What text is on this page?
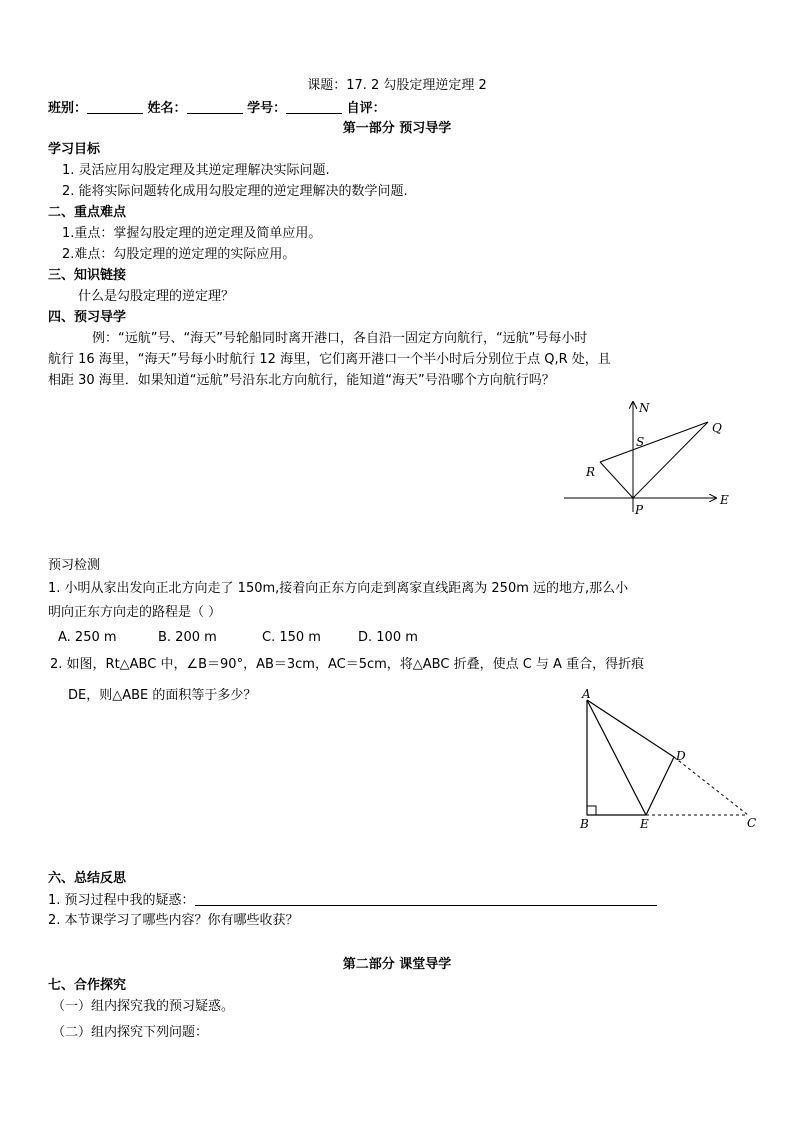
课题：17. 2 勾股定理逆定理 2
班别：	姓名：	学号：	自评：
第一部分 预习导学
学习目标
1. 灵活应用勾股定理及其逆定理解决实际问题.
2. 能将实际问题转化成用勾股定理的逆定理解决的数学问题.
二、重点难点
1.重点：掌握勾股定理的逆定理及简单应用。
2.难点：勾股定理的逆定理的实际应用。
三、知识链接
什么是勾股定理的逆定理？
四、预习导学
例：“远航”号、“海天”号轮船同时离开港口，各自沿一固定方向航行，“远航”号每小时
航行 16 海里，“海天”号每小时航行 12 海里，它们离开港口一个半小时后分别位于点 Q,R 处，且
相距 30 海里．如果知道“远航”号沿东北方向航行，能知道“海天”号沿哪个方向航行吗？
N
S
Q
R
P
E
预习检测
1. 小明从家出发向正北方向走了 150m,接着向正东方向走到离家直线距离为 250m 远的地方,那么小
明向正东方向走的路程是（ ）
A. 250 m	B. 200 m	C. 150 m	D. 100 m
2. 如图，Rt△ABC 中，∠B＝90°，AB＝3cm，AC＝5cm，将△ABC 折叠，使点 C 与 A 重合，得折痕
DE，则△ABE 的面积等于多少？	A
B	C
D
E
六、总结反思
1. 预习过程中我的疑惑：
2. 本节课学习了哪些内容？你有哪些收获？
第二部分 课堂导学
七、合作探究
（一）组内探究我的预习疑惑。
（二）组内探究下列问题：
